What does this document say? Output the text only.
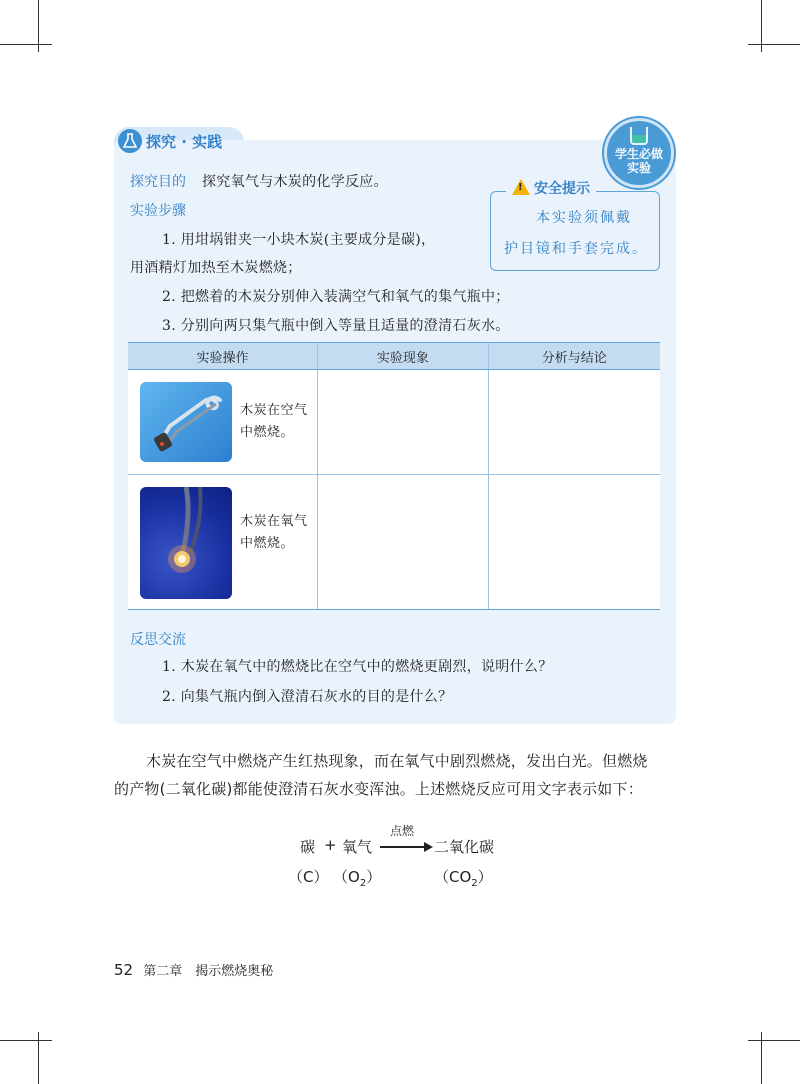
探究 · 实践
学生必做
实验
探究目的 探究氧气与木炭的化学反应。
实验步骤
1. 用坩埚钳夹一小块木炭(主要成分是碳)，
用酒精灯加热至木炭燃烧；
2. 把燃着的木炭分别伸入装满空气和氧气的集气瓶中；
3. 分别向两只集气瓶中倒入等量且适量的澄清石灰水。
! 安全提示
本实验须佩戴
护目镜和手套完成。
实验操作	实验现象	分析与结论

木炭在空气
中燃烧。		

木炭在氧气
中燃烧。		

反思交流
1. 木炭在氧气中的燃烧比在空气中的燃烧更剧烈，说明什么？
2. 向集气瓶内倒入澄清石灰水的目的是什么？
木炭在空气中燃烧产生红热现象，而在氧气中剧烈燃烧，发出白光。但燃烧
的产物(二氧化碳)都能使澄清石灰水变浑浊。上述燃烧反应可用文字表示如下：
碳 + 氧气
点燃
二氧化碳
（C） $(O_2)$	$(CO_2)$
52 第二章　揭示燃烧奥秘
